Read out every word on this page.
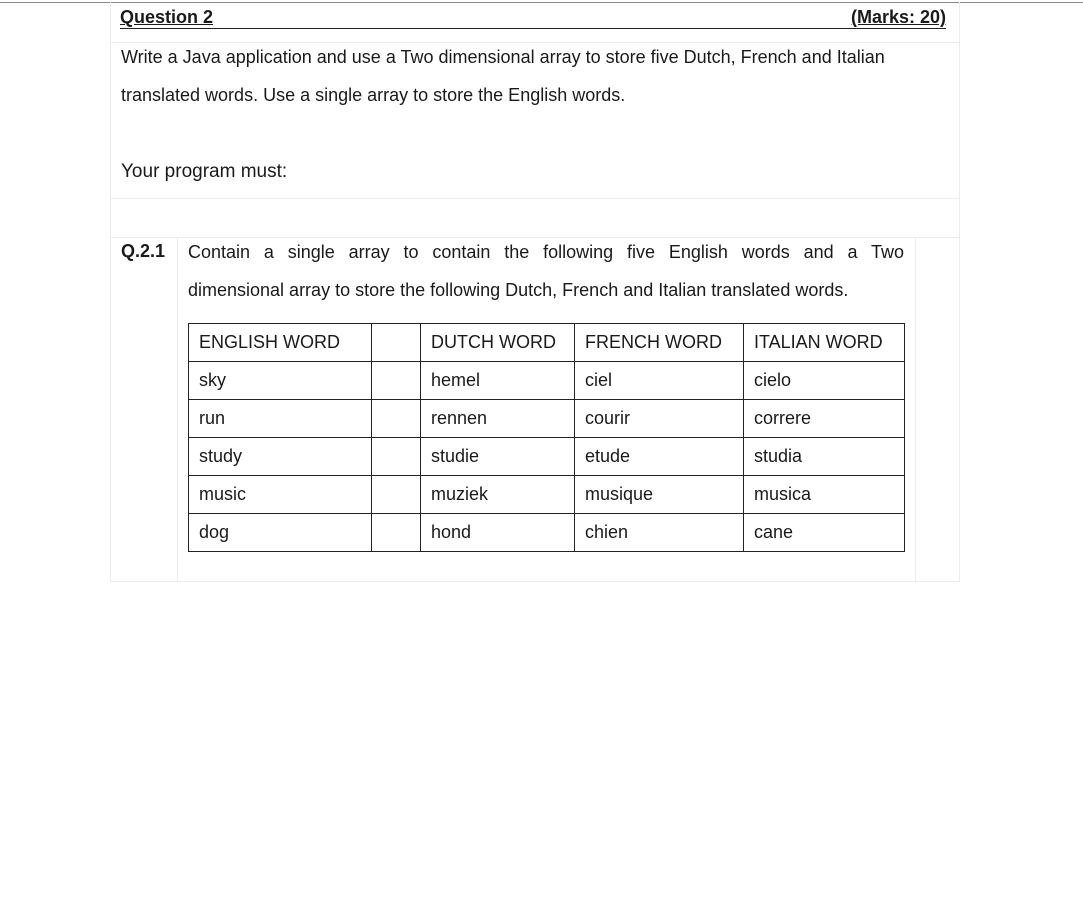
Question 2	(Marks: 20)
Write a Java application and use a Two dimensional array to store five Dutch, French and Italian
translated words. Use a single array to store the English words.
Your program must:
Q.2.1 Contain a single array to contain the following five English words and a Two
dimensional array to store the following Dutch, French and Italian translated words.
ENGLISH WORD		DUTCH WORD	FRENCH WORD	ITALIAN WORD
sky		hemel	ciel	cielo
run		rennen	courir	correre
study		studie	etude	studia
music		muziek	musique	musica
dog		hond	chien	cane
